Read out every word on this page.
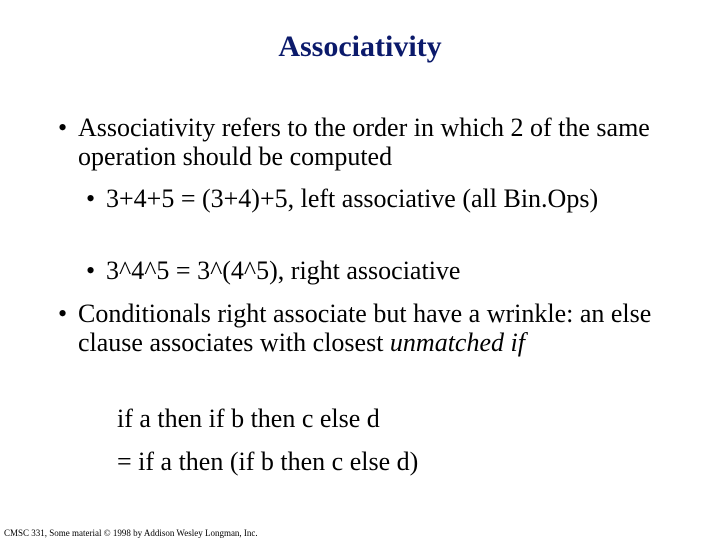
Associativity
• Associativity refers to the order in which 2 of the same operation should be computed
• 3+4+5 = (3+4)+5, left associative (all Bin.Ops)
• 3^4^5 = 3^(4^5), right associative
• Conditionals right associate but have a wrinkle: an else clause associates with closest unmatched if
if a then if b then c else d
= if a then (if b then c else d)
CMSC 331, Some material © 1998 by Addison Wesley Longman, Inc.
